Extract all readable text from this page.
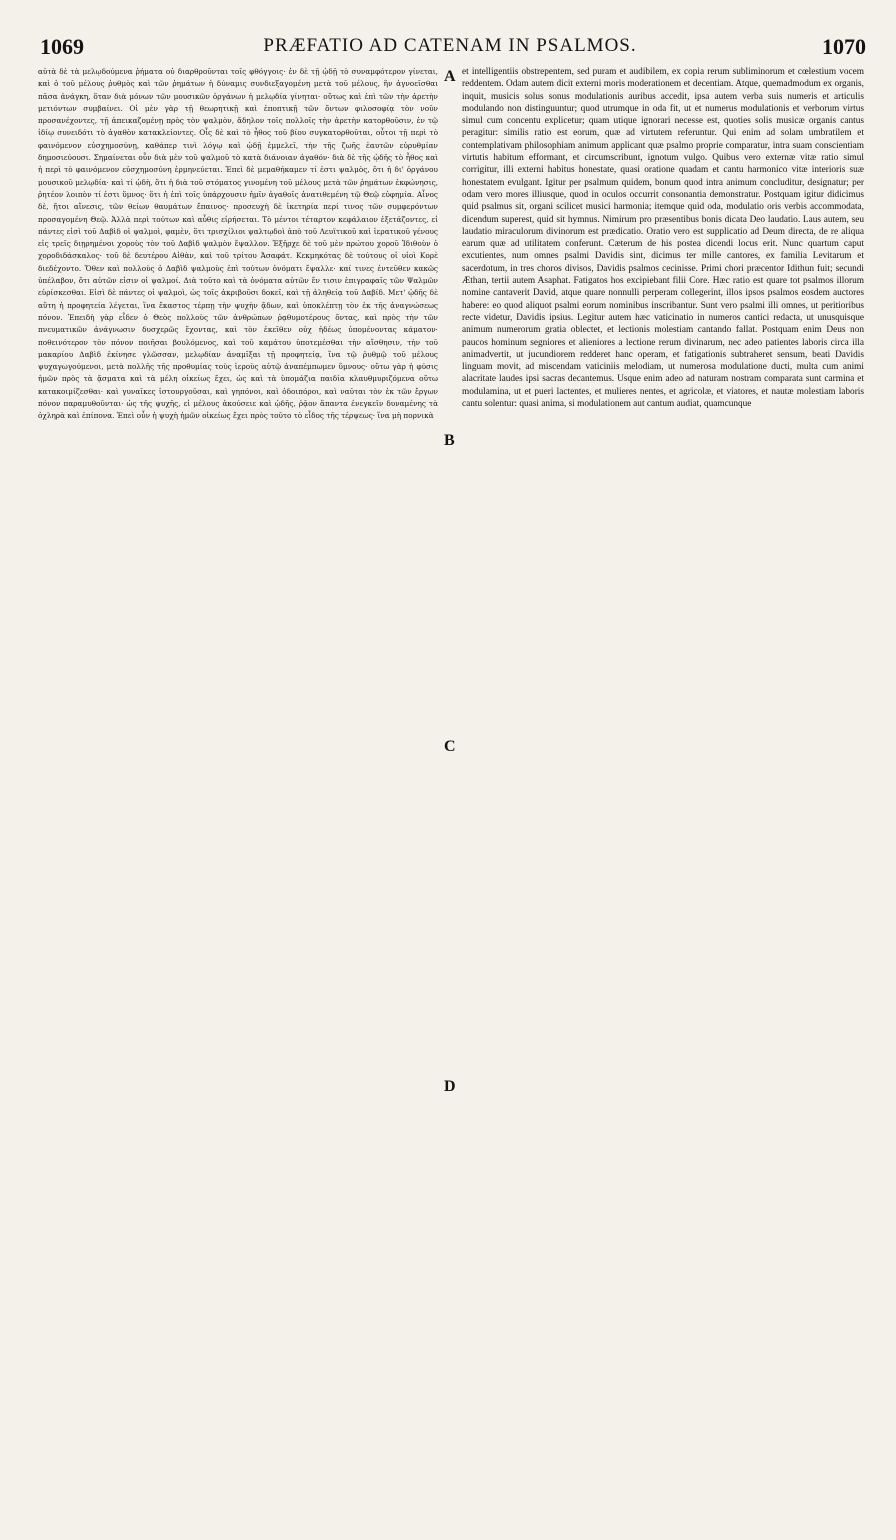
1069	PRÆFATIO AD CATENAM IN PSALMOS.	1070

αὐτὰ δὲ τὰ μελῳδούμενα ῥήματα οὐ διαρθροῦνται τοῖς φθόγγοις· ἐν δὲ τῇ ᾠδῇ τὸ συναμφότερον γίνεται, καὶ ὁ τοῦ μέλους ῥυθμὸς καὶ τῶν ῥημάτων ἡ δύναμις συνδιεξαγομένη μετὰ τοῦ μέλους, ἣν ἀγνοεῖσθαι πᾶσα ἀνάγκη, ὅταν διὰ μόνων τῶν μουσικῶν ὀργάνων ἡ μελῳδία γίνηται· οὕτως καὶ ἐπὶ τῶν τὴν ἀρετὴν μετιόντων συμβαίνει. Οἱ μὲν γὰρ τῇ θεωρητικῇ καὶ ἐποπτικῇ τῶν ὄντων φιλοσοφίᾳ τὸν νοῦν προσανέχοντες, τῇ ἀπεικαζομένῃ πρὸς τὸν ψαλμὸν, ἄδηλον τοῖς πολλοῖς τὴν ἀρετὴν κατορθοῦσιν, ἐν τῷ ἰδίῳ συνειδότι τὸ ἀγαθὸν κατακλείοντες. Οἷς δὲ καὶ τὸ ἦθος τοῦ βίου συγκατορθοῦται, οὗτοι τῇ περὶ τὸ φαινόμενον εὐσχημοσύνῃ, καθάπερ τινὶ λόγῳ καὶ ᾠδῇ ἐμμελεῖ, τὴν τῆς ζωῆς ἑαυτῶν εὐρυθμίαν δημοσιεύουσι. Σημαίνεται οὖν διὰ μὲν τοῦ ψαλμοῦ τὸ κατὰ διάνοιαν ἀγαθόν· διὰ δὲ τῆς ᾠδῆς τὸ ἦθος καὶ ἡ περὶ τὸ φαινόμενον εὐσχημοσύνη ἑρμηνεύεται. Ἐπεὶ δὲ μεμαθήκαμεν τί ἐστι ψαλμὸς, ὅτι ἡ δι' ὀργάνου μουσικοῦ μελῳδία· καὶ τί ᾠδὴ, ὅτι ἡ διὰ τοῦ στόματος γινομένη τοῦ μέλους μετὰ τῶν ῥημάτων ἐκφώνησις, ῥητέον λοιπὸν τί ἐστι ὕμνος· ὅτι ἡ ἐπὶ τοῖς ὑπάρχουσιν ἡμῖν ἀγαθοῖς ἀνατιθεμένη τῷ Θεῷ εὐφημία. Αἶνος δὲ, ἤτοι αἴνεσις, τῶν θείων θαυμάτων ἔπαινος· προσευχὴ δὲ ἱκετηρία περί τινος τῶν συμφερόντων προσαγομένη Θεῷ. Ἀλλὰ περὶ τούτων καὶ αὖθις εἰρήσεται. Τὸ μέντοι τέταρτον κεφάλαιον ἐξετάζοντες, εἰ πάντες εἰσὶ τοῦ Δαβὶδ οἱ ψαλμοὶ, φαμὲν, ὅτι τρισχίλιοι ψαλτῳδοὶ ἀπὸ τοῦ Λευϊτικοῦ καὶ ἱερατικοῦ γένους εἰς τρεῖς διῃρημένοι χοροὺς τὸν τοῦ Δαβὶδ ψαλμὸν ἔψαλλον. Ἐξῆρχε δὲ τοῦ μὲν πρώτου χοροῦ Ἰδιθοὺν ὁ χοροδιδάσκαλος· τοῦ δὲ δευτέρου Αἰθὰν, καὶ τοῦ τρίτου Ἀσαφάτ. Κεκμηκότας δὲ τούτους οἱ υἱοὶ Κορὲ διεδέχοντο. Ὅθεν καὶ πολλοὺς ὁ Δαβὶδ ψαλμοὺς ἐπὶ τούτων ὀνόματι ἔψαλλε· καί τινες ἐντεῦθεν κακῶς ὑπέλαβον, ὅτι αὐτῶν εἰσιν οἱ ψαλμοί. Διὰ τοῦτο καὶ τὰ ὀνόματα αὐτῶν ἔν τισιν ἐπιγραφαῖς τῶν Ψαλμῶν εὑρίσκεσθαι. Εἰσὶ δὲ πάντες οἱ ψαλμοὶ, ὡς τοῖς ἀκριβοῦσι δοκεῖ, καὶ τῇ ἀληθείᾳ τοῦ Δαβίδ. Μετ' ᾠδῆς δὲ αὕτη ἡ προφητεία λέγεται, ἵνα ἕκαστος τέρπῃ τὴν ψυχὴν ᾄδων, καὶ ὑποκλέπτῃ τὸν ἐκ τῆς ἀναγνώσεως πόνον. Ἐπειδὴ γὰρ εἶδεν ὁ Θεὸς πολλοὺς τῶν ἀνθρώπων ῥᾳθυμοτέρους ὄντας, καὶ πρὸς τὴν τῶν πνευματικῶν ἀνάγνωσιν δυσχερῶς ἔχοντας, καὶ τὸν ἐκεῖθεν οὐχ ἡδέως ὑπομένοντας κάματον· ποθεινότερον τὸν πόνον ποιῆσαι βουλόμενος, καὶ τοῦ καμάτου ὑποτεμέσθαι τὴν αἴσθησιν, τὴν τοῦ μακαρίου Δαβὶδ ἐκίνησε γλῶσσαν, μελῳδίαν ἀναμῖξαι τῇ προφητείᾳ, ἵνα τῷ ῥυθμῷ τοῦ μέλους ψυχαγωγούμενοι, μετὰ πολλῆς τῆς προθυμίας τοὺς ἱεροὺς αὐτῷ ἀναπέμπωμεν ὕμνους· οὕτω γὰρ ἡ φύσις ἡμῶν πρὸς τὰ ᾄσματα καὶ τὰ μέλη οἰκείως ἔχει, ὡς καὶ τὰ ὑπομάζια παιδία κλαυθμυριζόμενα οὕτω κατακοιμίζεσθαι· καὶ γυναῖκες ἱστουργοῦσαι, καὶ γηπόνοι, καὶ ὁδοιπόροι, καὶ ναῦται τὸν ἐκ τῶν ἔργων πόνον παραμυθοῦνται· ὡς τῆς ψυχῆς, εἰ μέλους ἀκούσειε καὶ ᾠδῆς, ῥᾷον ἅπαντα ἐνεγκεῖν δυναμένης τὰ ὀχληρὰ καὶ ἐπίπονα. Ἐπεὶ οὖν ἡ ψυχὴ ἡμῶν οἰκείως ἔχει πρὸς τοῦτο τὸ εἶδος τῆς τέρψεως· ἵνα μὴ πορνικὰ

A
B
C
D

et intelligentiis obstrepentem, sed puram et audibilem, ex copia rerum subliminorum et cœlestium vocem reddentem. Odam autem dicit externi moris moderationem et decentiam. Atque, quemadmodum ex organis, inquit, musicis solus sonus modulationis auribus accedit, ipsa autem verba suis numeris et articulis modulando non distinguuntur; quod utrumque in oda fit, ut et numerus modulationis et verborum virtus simul cum concentu explicetur; quam utique ignorari necesse est, quoties solis musicæ organis cantus peragitur: similis ratio est eorum, quæ ad virtutem referuntur. Qui enim ad solam umbratilem et contemplativam philosophiam animum applicant quæ psalmo proprie comparatur, intra suam conscientiam virtutis habitum efformant, et circumscribunt, ignotum vulgo. Quibus vero externæ vitæ ratio simul corrigitur, illi externi habitus honestate, quasi oratione quadam et cantu harmonico vitæ interioris suæ honestatem evulgant. Igitur per psalmum quidem, bonum quod intra animum concluditur, designatur; per odam vero mores illiusque, quod in oculos occurrit consonantia demonstratur. Postquam igitur didicimus quid psalmus sit, organi scilicet musici harmonia; itemque quid oda, modulatio oris verbis accommodata, dicendum superest, quid sit hymnus. Nimirum pro præsentibus bonis dicata Deo laudatio. Laus autem, seu laudatio miraculorum divinorum est prædicatio. Oratio vero est supplicatio ad Deum directa, de re aliqua earum quæ ad utilitatem conferunt. Cæterum de his postea dicendi locus erit. Nunc quartum caput excutientes, num omnes psalmi Davidis sint, dicimus ter mille cantores, ex familia Levitarum et sacerdotum, in tres choros divisos, Davidis psalmos cecinisse. Primi chori præcentor Idithun fuit; secundi Æthan, tertii autem Asaphat. Fatigatos hos excipiebant filii Core. Hæc ratio est quare tot psalmos illorum nomine cantaverit David, atque quare nonnulli perperam collegerint, illos ipsos psalmos eosdem auctores habere: eo quod aliquot psalmi eorum nominibus inscribantur. Sunt vero psalmi illi omnes, ut peritioribus recte videtur, Davidis ipsius. Legitur autem hæc vaticinatio in numeros cantici redacta, ut unusquisque animum numerorum gratia oblectet, et lectionis molestiam cantando fallat. Postquam enim Deus non paucos hominum segniores et alieniores a lectione rerum divinarum, nec adeo patientes laboris circa illa animadvertit, ut jucundiorem redderet hanc operam, et fatigationis subtraheret sensum, beati Davidis linguam movit, ad miscendam vaticiniis melodiam, ut numerosa modulatione ducti, multa cum animi alacritate laudes ipsi sacras decantemus. Usque enim adeo ad naturam nostram comparata sunt carmina et modulamina, ut et pueri lactentes, et mulieres nentes, et agricolæ, et viatores, et nautæ molestiam laboris cantu solentur: quasi anima, si modulationem aut cantum audiat, quamcunque
